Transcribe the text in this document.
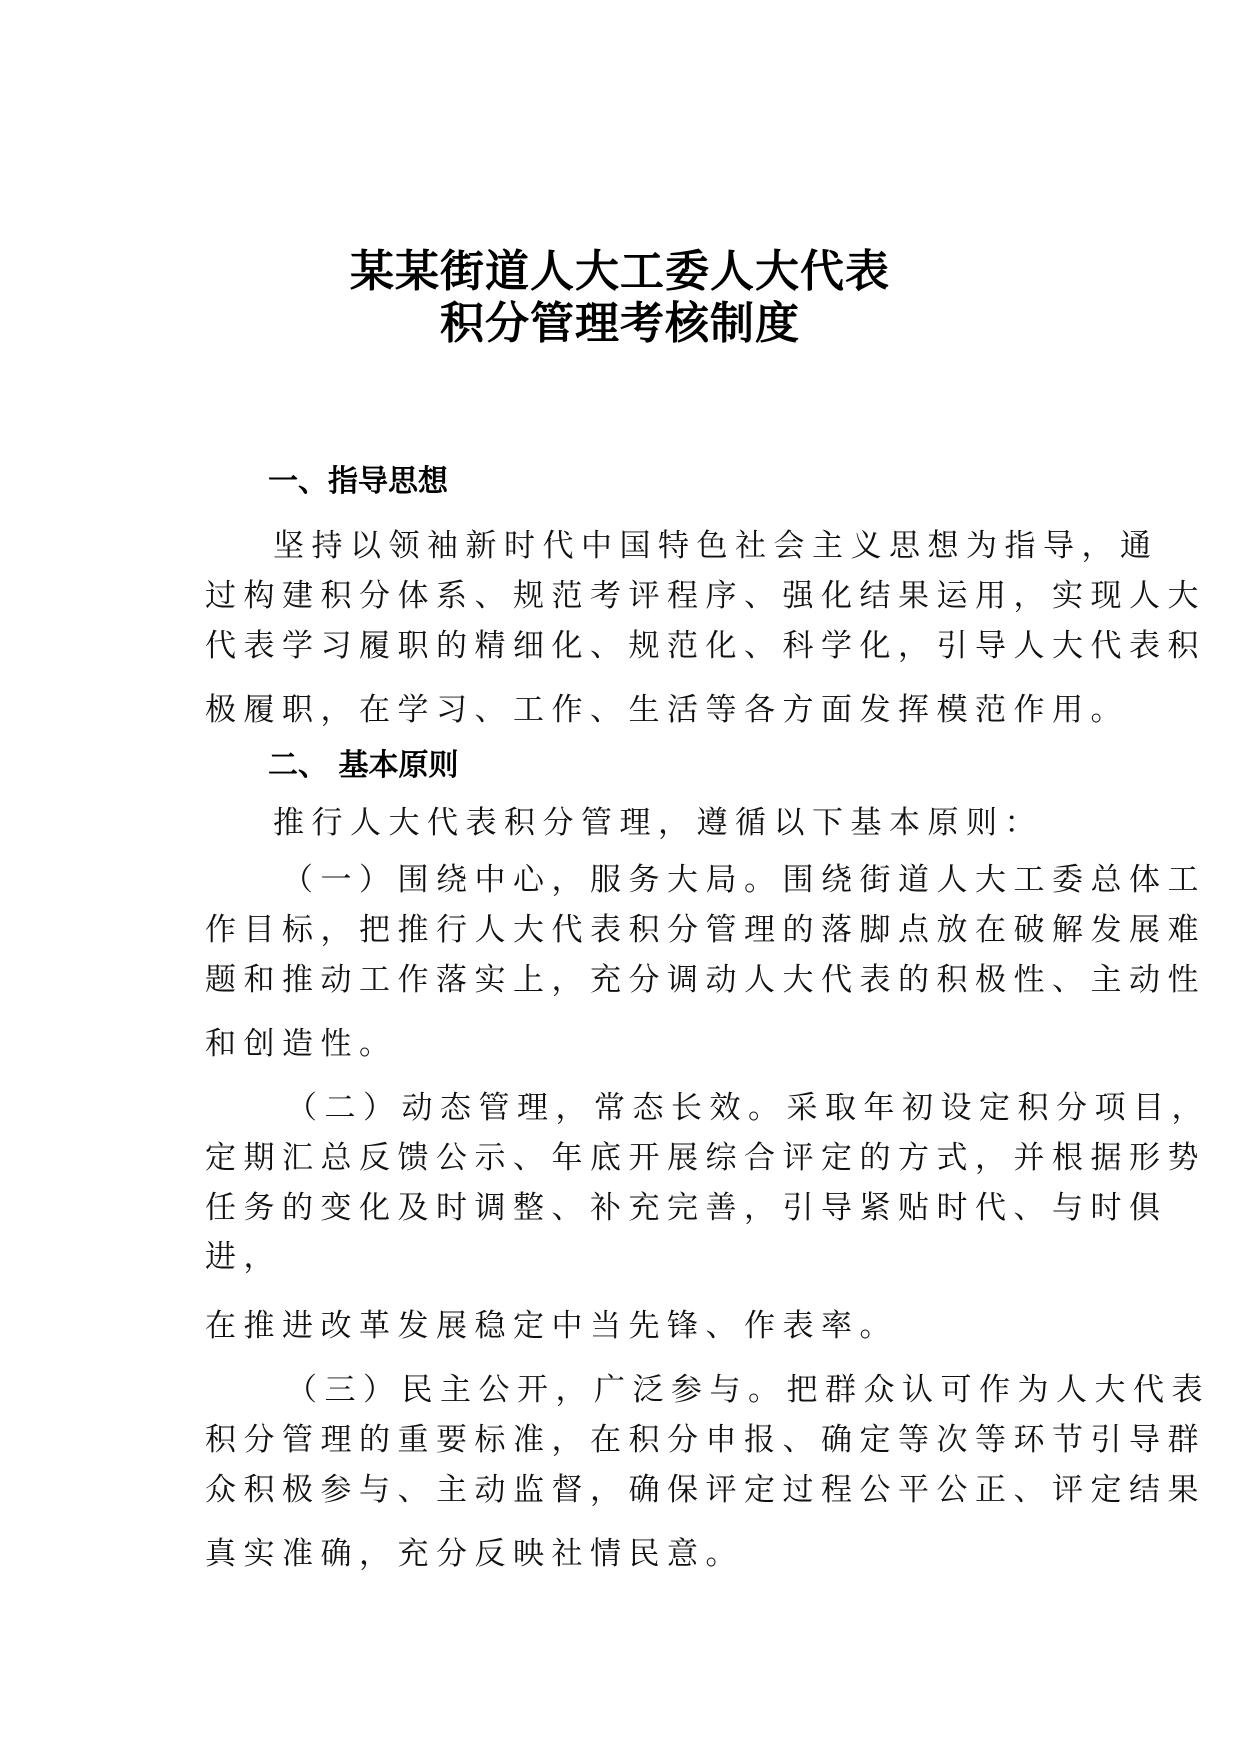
某某街道人大工委人大代表
积分管理考核制度
一、指导思想
坚持以领袖新时代中国特色社会主义思想为指导，通
过构建积分体系、规范考评程序、强化结果运用，实现人大
代表学习履职的精细化、规范化、科学化，引导人大代表积
极履职，在学习、工作、生活等各方面发挥模范作用。
二、 基本原则
推行人大代表积分管理，遵循以下基本原则：
（一）围绕中心，服务大局。围绕街道人大工委总体工
作目标，把推行人大代表积分管理的落脚点放在破解发展难
题和推动工作落实上，充分调动人大代表的积极性、主动性
和创造性。
（二）动态管理，常态长效。采取年初设定积分项目，
定期汇总反馈公示、年底开展综合评定的方式，并根据形势
任务的变化及时调整、补充完善，引导紧贴时代、与时俱
进，
在推进改革发展稳定中当先锋、作表率。
（三）民主公开，广泛参与。把群众认可作为人大代表
积分管理的重要标准，在积分申报、确定等次等环节引导群
众积极参与、主动监督，确保评定过程公平公正、评定结果
真实准确，充分反映社情民意。
